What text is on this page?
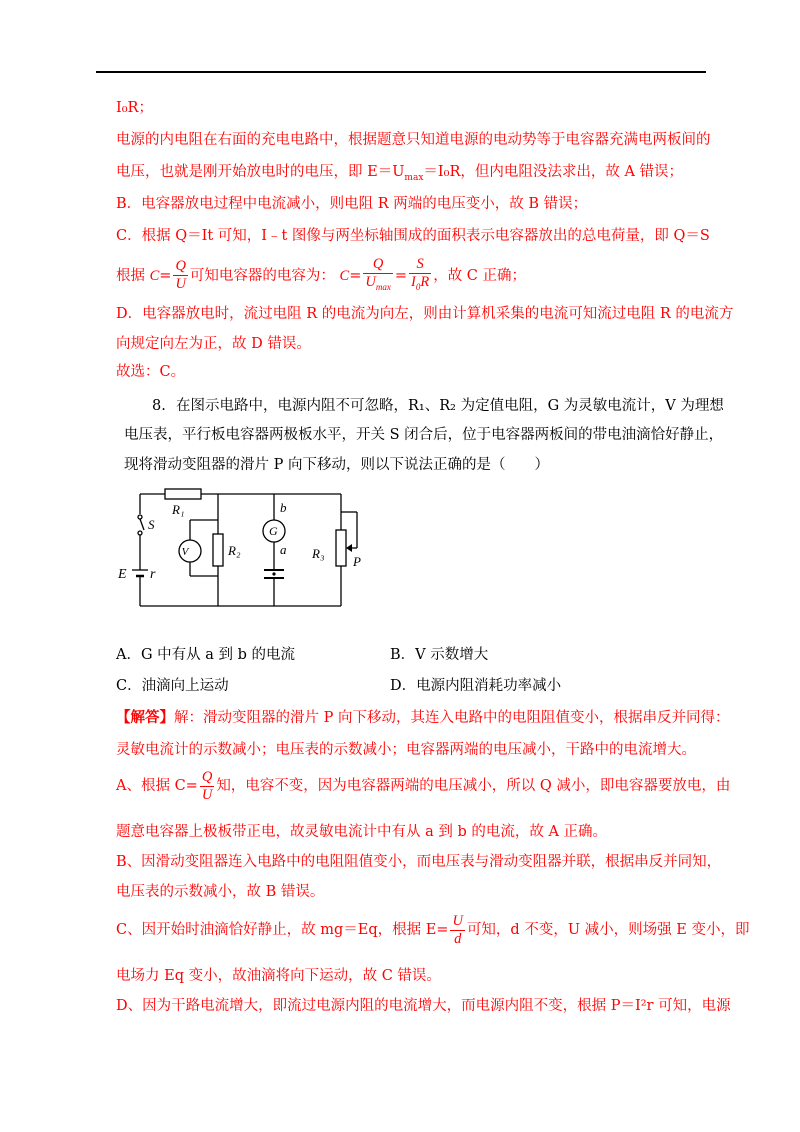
I₀R；
电源的内电阻在右面的充电电路中，根据题意只知道电源的电动势等于电容器充满电两板间的
电压，也就是刚开始放电时的电压，即 $E=U_{max}=I_0R$，但内电阻没法求出，故 A 错误；
B．电容器放电过程中电流减小，则电阻 R 两端的电压变小，故 B 错误；
C．根据 Q＝It 可知，I﹣t 图像与两坐标轴围成的面积表示电容器放出的总电荷量，即 Q＝S
根据 $C= \frac{Q}{U}$ 可知电容器的电容为： $C= \frac{Q}{U_{max}} = \frac{S}{I_0R}$ ，故 C 正确；
D．电容器放电时，流过电阻 R 的电流为向左，则由计算机采集的电流可知流过电阻 R 的电流方
向规定向左为正，故 D 错误。
故选：C。
8. 在图示电路中，电源内阻不可忽略，R₁、R₂ 为定值电阻，G 为灵敏电流计，V 为理想
电压表，平行板电容器两极板水平，开关 S 闭合后，位于电容器两板间的带电油滴恰好静止，
现将滑动变阻器的滑片 P 向下移动，则以下说法正确的是（　　）
S
R₁
V	R₂
G
b
a R₃
P
E r
A．G 中有从 a 到 b 的电流	B．V 示数增大
C．油滴向上运动	D．电源内阻消耗功率减小
【解答】解：滑动变阻器的滑片 P 向下移动，其连入电路中的电阻阻值变小，根据串反并同得：
灵敏电流计的示数减小；电压表的示数减小；电容器两端的电压减小，干路中的电流增大。
A、根据 $C= \frac{Q}{U}$ 知，电容不变，因为电容器两端的电压减小，所以 Q 减小，即电容器要放电，由
题意电容器上极板带正电，故灵敏电流计中有从 a 到 b 的电流，故 A 正确。
B、因滑动变阻器连入电路中的电阻阻值变小，而电压表与滑动变阻器并联，根据串反并同知，
电压表的示数减小，故 B 错误。
C、因开始时油滴恰好静止，故 mg＝Eq，根据 $E= \frac{U}{d}$ 可知，d 不变，U 减小，则场强 E 变小，即
电场力 Eq 变小，故油滴将向下运动，故 C 错误。
D、因为干路电流增大，即流过电源内阻的电流增大，而电源内阻不变，根据 P＝I²r 可知，电源
